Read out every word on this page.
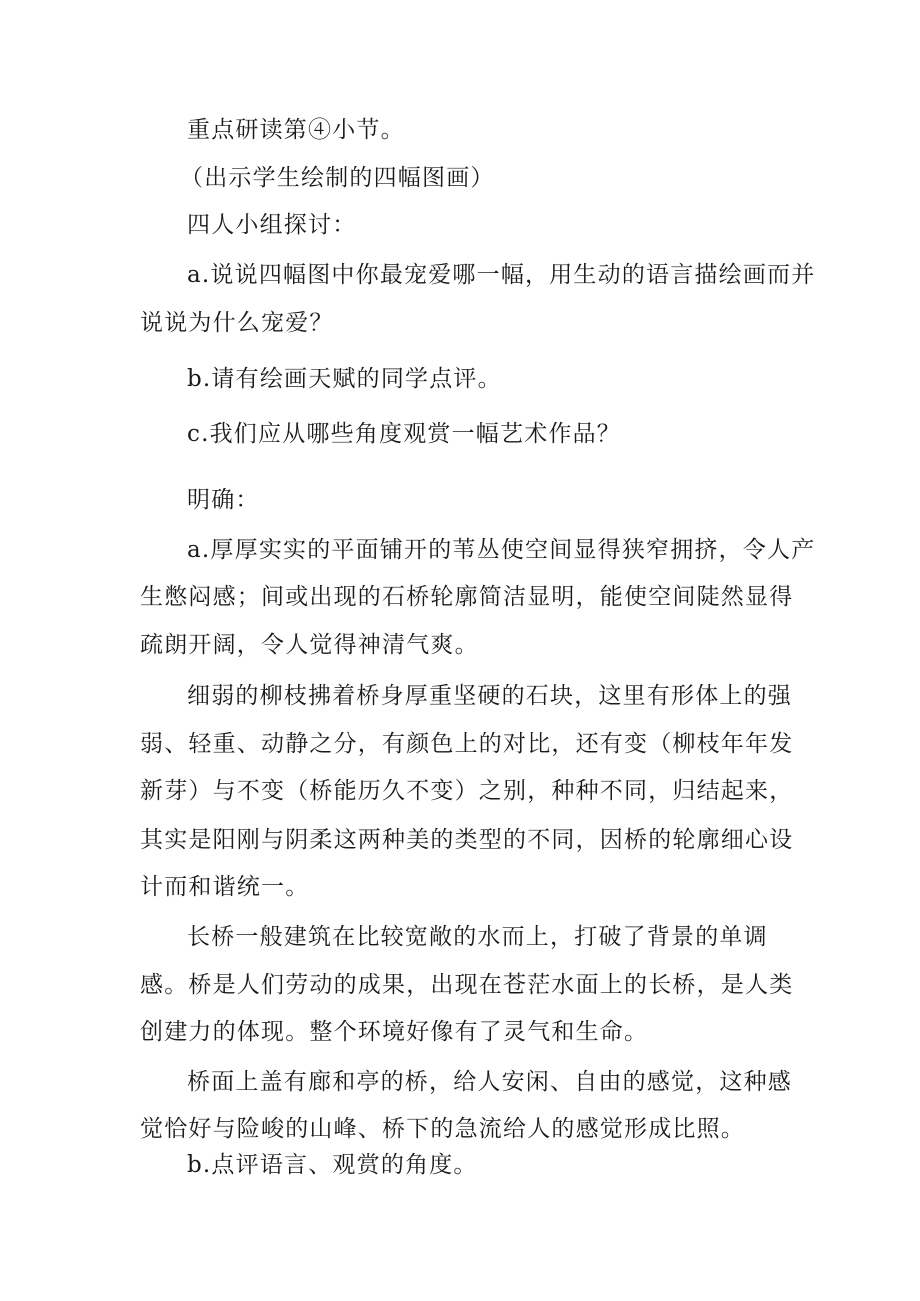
重点研读第④小节。
（出示学生绘制的四幅图画）
四人小组探讨：
a.说说四幅图中你最宠爱哪一幅，用生动的语言描绘画而并
说说为什么宠爱？
b.请有绘画天赋的同学点评。
c.我们应从哪些角度观赏一幅艺术作品？
明确：
a.厚厚实实的平面铺开的苇丛使空间显得狭窄拥挤，令人产
生憋闷感；间或出现的石桥轮廓简洁显明，能使空间陡然显得
疏朗开阔，令人觉得神清气爽。
细弱的柳枝拂着桥身厚重坚硬的石块，这里有形体上的强
弱、轻重、动静之分，有颜色上的对比，还有变（柳枝年年发
新芽）与不变（桥能历久不变）之别，种种不同，归结起来，
其实是阳刚与阴柔这两种美的类型的不同，因桥的轮廓细心设
计而和谐统一。
长桥一般建筑在比较宽敞的水而上，打破了背景的单调
感。桥是人们劳动的成果，出现在苍茫水面上的长桥，是人类
创建力的体现。整个环境好像有了灵气和生命。
桥面上盖有廊和亭的桥，给人安闲、自由的感觉，这种感
觉恰好与险峻的山峰、桥下的急流给人的感觉形成比照。
b.点评语言、观赏的角度。
